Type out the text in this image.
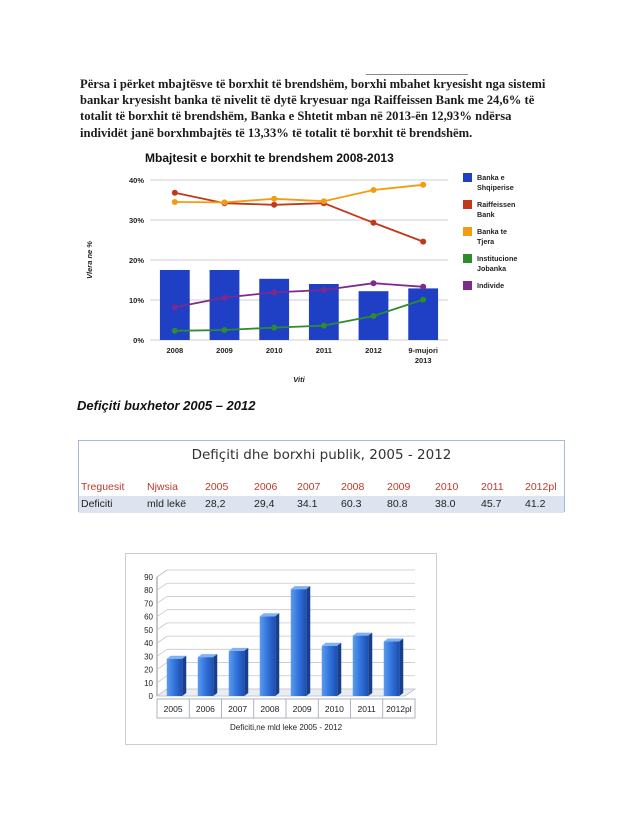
Përsa i përket mbajtësve të borxhit të brendshëm, borxhi mbahet kryesisht nga sistemi
bankar kryesisht banka të nivelit të dytë kryesuar nga Raiffeissen Bank me 24,6% të
totalit të borxhit të brendshëm, Banka e Shtetit mban në 2013-ën 12,93% ndërsa
individët janë borxhmbajtës të 13,33% të totalit të borxhit të brendshëm.
Mbajtesit e borxhit te brendshem 2008-2013
0%
10%
20%
30%
40%
Vlera ne %
2008	2009	2010	2011	2012	9-mujori
2013
Viti
Banka e
Shqiperise
Raiffeissen
Bank
Banka te
Tjera
Institucione
Jobanka
Individe
Defiçiti buxhetor 2005 – 2012
Defiçiti dhe borxhi publik, 2005 - 2012
Treguesit Njwsia	2005 2006 2007 2008 2009 2010 2011 2012pl
Deficiti	mld lekë 28,2	29,4 34.1 60.3 80.8	38.0 45.7 41.2
0
10
20
30
40
50
60
70
80
90
2005 2006 2007 2008 2009 2010 2011 2012pl
Deficiti,ne mld leke 2005 - 2012
